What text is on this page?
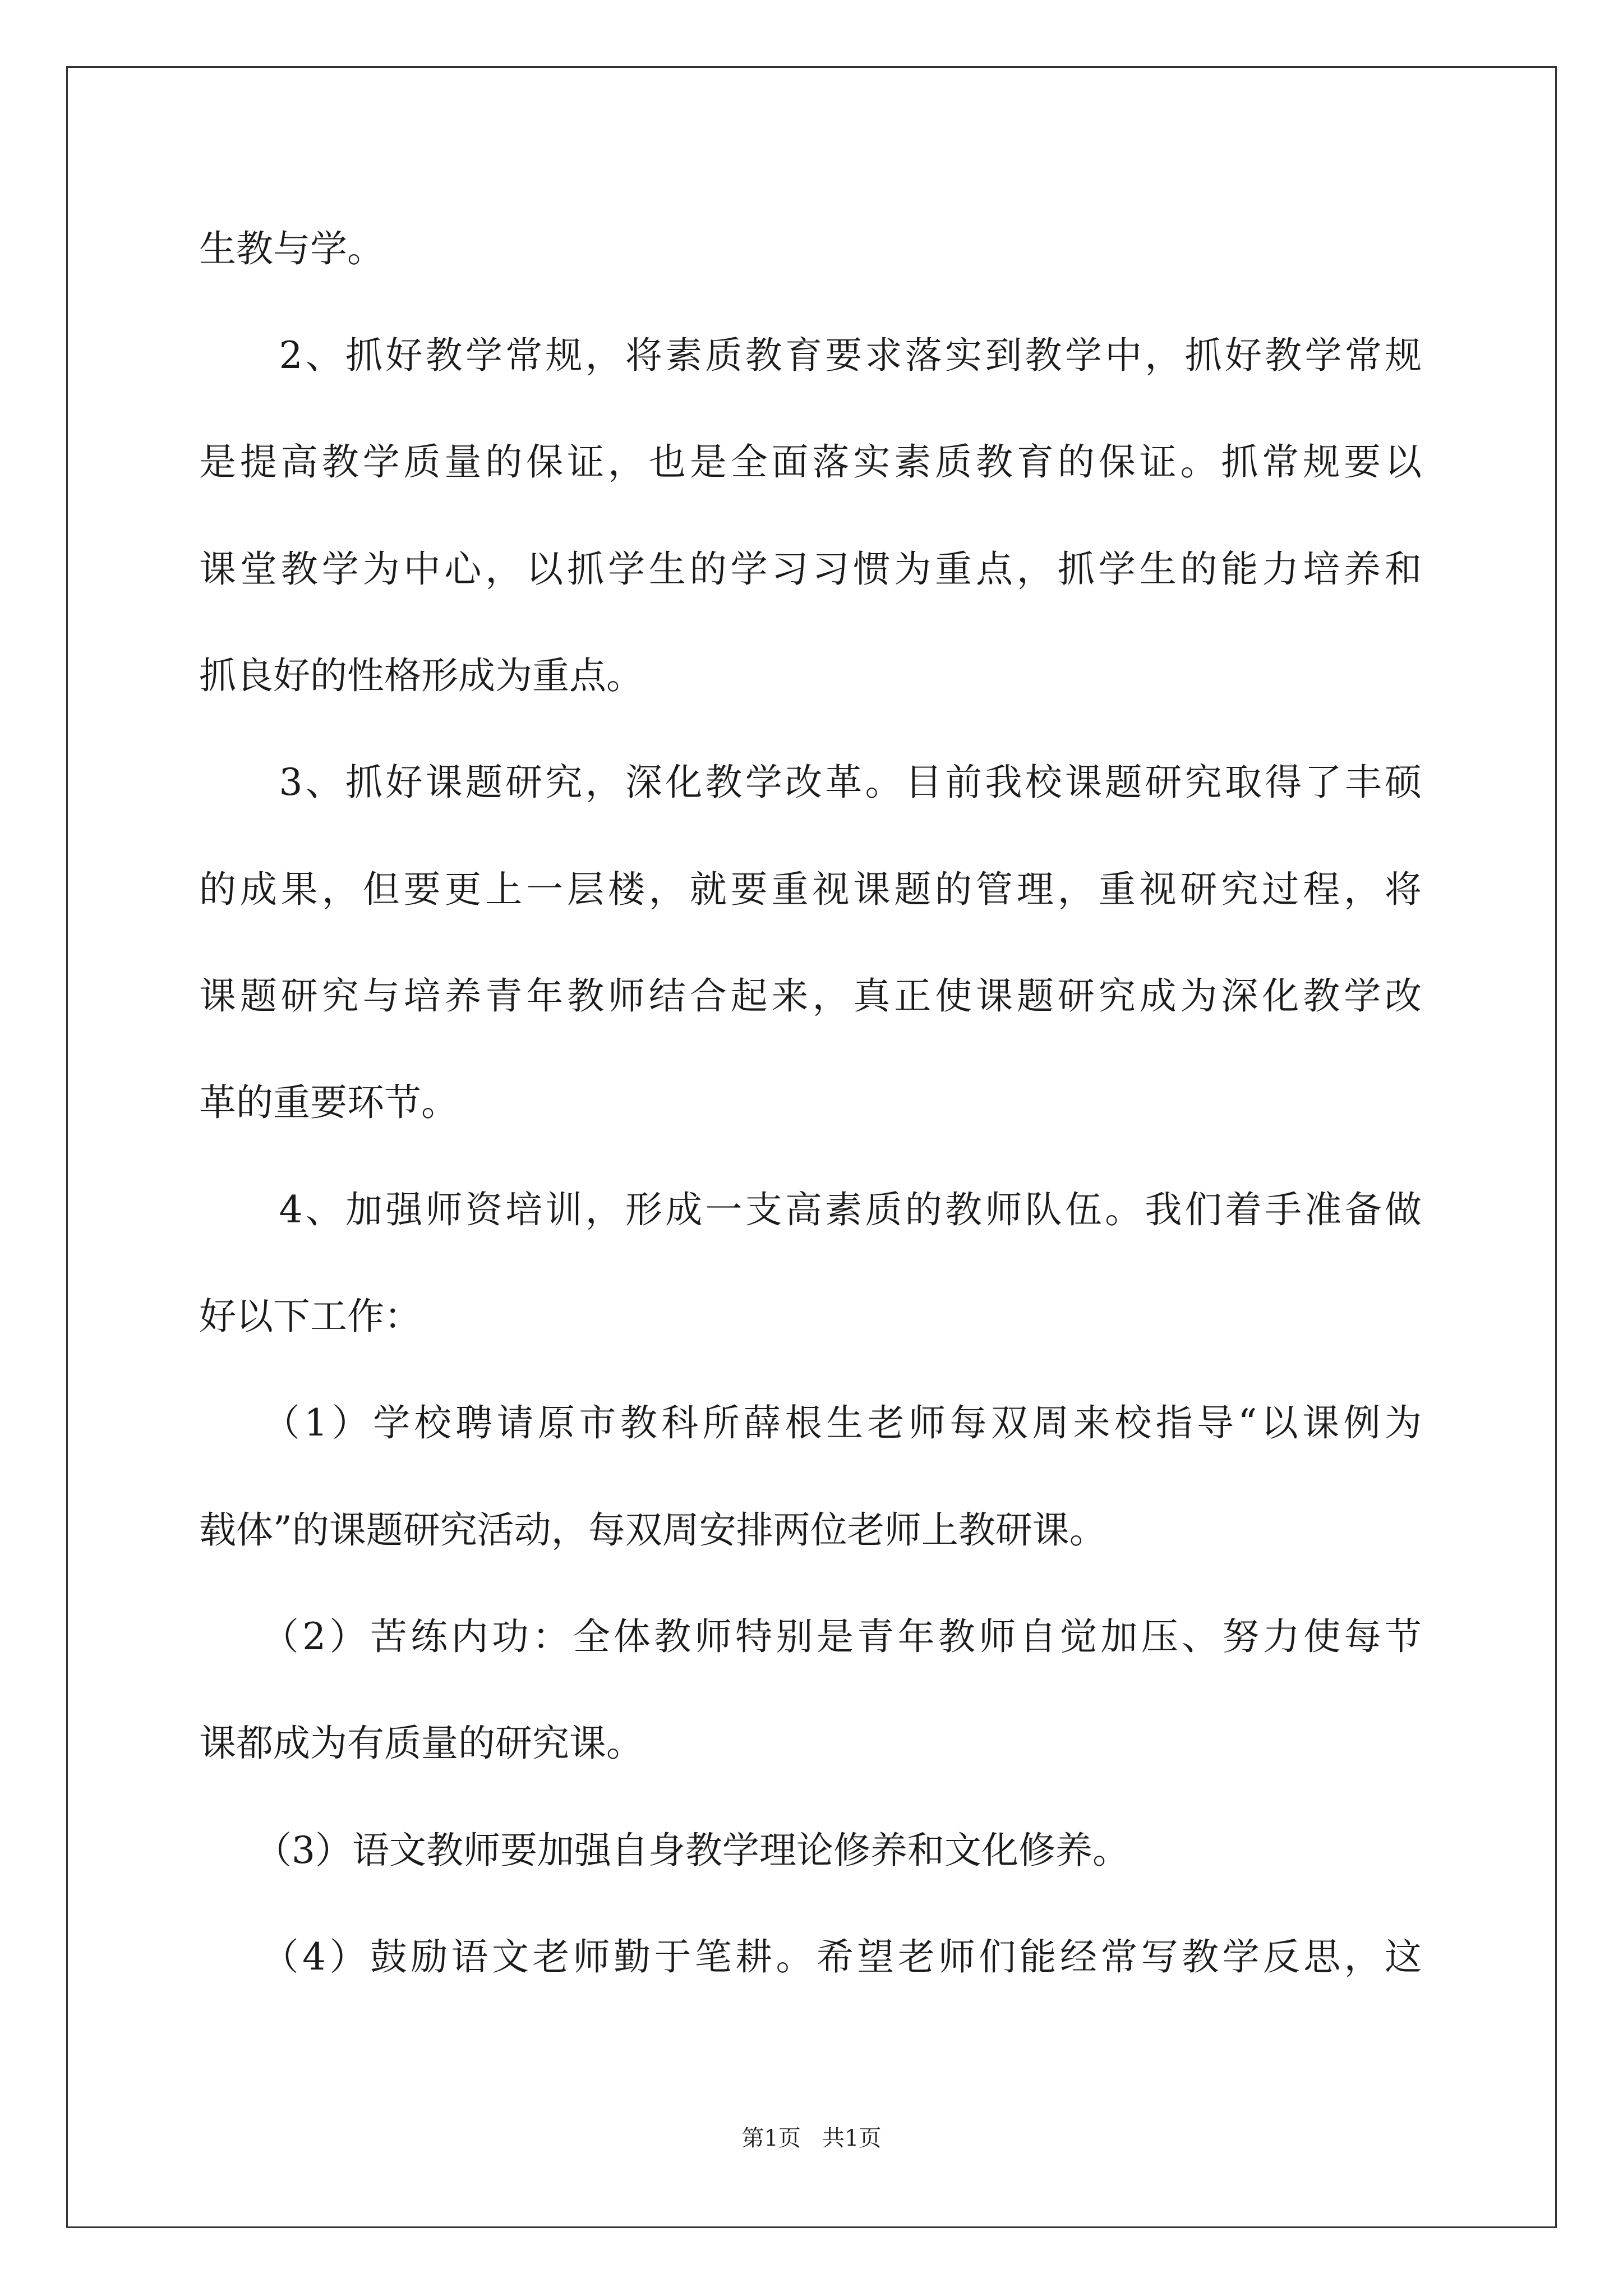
生教与学。
　　2、抓好教学常规，将素质教育要求落实到教学中，抓好教学常规
是提高教学质量的保证，也是全面落实素质教育的保证。抓常规要以
课堂教学为中心，以抓学生的学习习惯为重点，抓学生的能力培养和
抓良好的性格形成为重点。
　　3、抓好课题研究，深化教学改革。目前我校课题研究取得了丰硕
的成果，但要更上一层楼，就要重视课题的管理，重视研究过程，将
课题研究与培养青年教师结合起来，真正使课题研究成为深化教学改
革的重要环节。
　　4、加强师资培训，形成一支高素质的教师队伍。我们着手准备做
好以下工作：
　　（1）学校聘请原市教科所薛根生老师每双周来校指导“以课例为
载体”的课题研究活动，每双周安排两位老师上教研课。
　　（2）苦练内功：全体教师特别是青年教师自觉加压、努力使每节
课都成为有质量的研究课。
　　（3）语文教师要加强自身教学理论修养和文化修养。
　　（4）鼓励语文老师勤于笔耕。希望老师们能经常写教学反思，这
第1页   共1页
